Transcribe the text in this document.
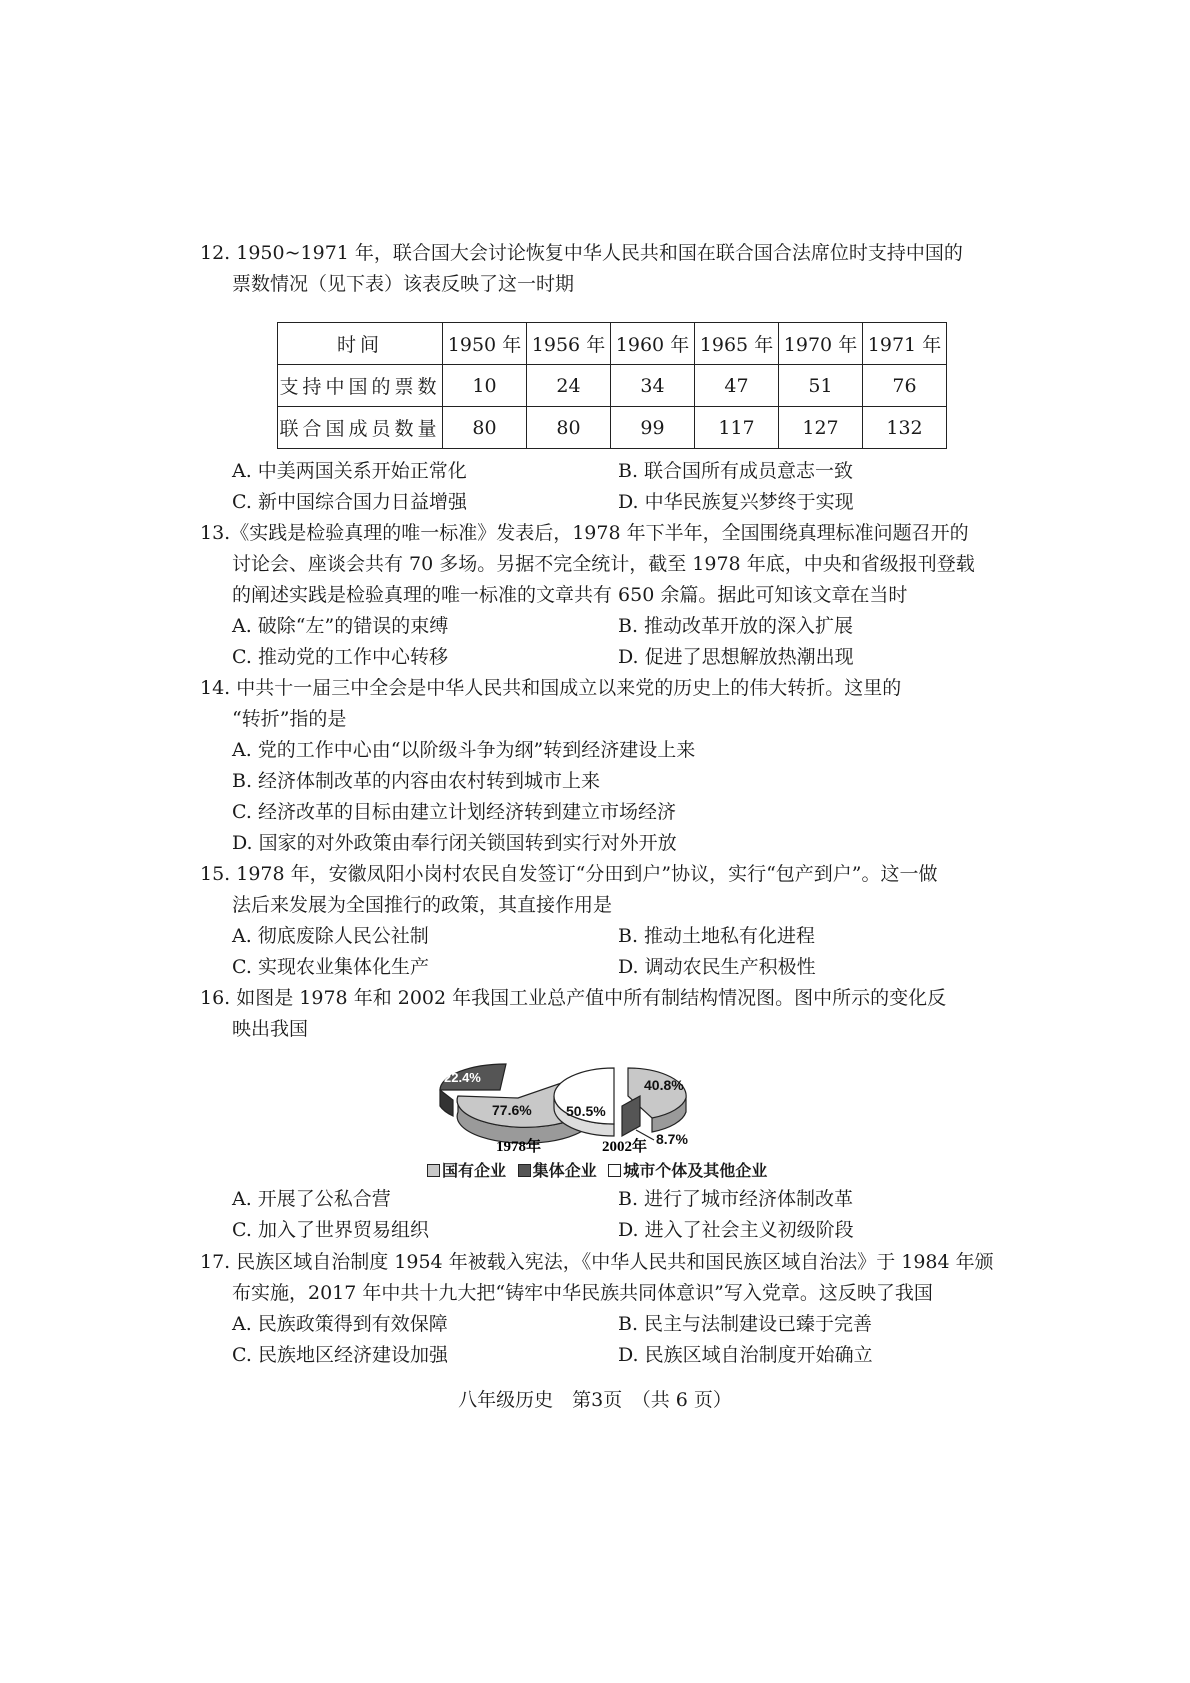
12. 1950~1971 年，联合国大会讨论恢复中华人民共和国在联合国合法席位时支持中国的
票数情况（见下表）该表反映了这一时期
时间	1950 年	1956 年	1960 年	1965 年	1970 年	1971 年
支持中国的票数	10	24	34	47	51	76
联合国成员数量	80	80	99	117	127	132
A. 中美两国关系开始正常化	B. 联合国所有成员意志一致
C. 新中国综合国力日益增强	D. 中华民族复兴梦终于实现
13.《实践是检验真理的唯一标准》发表后，1978 年下半年，全国围绕真理标准问题召开的
讨论会、座谈会共有 70 多场。另据不完全统计，截至 1978 年底，中央和省级报刊登载
的阐述实践是检验真理的唯一标准的文章共有 650 余篇。据此可知该文章在当时
A. 破除“左”的错误的束缚	B. 推动改革开放的深入扩展
C. 推动党的工作中心转移	D. 促进了思想解放热潮出现
14. 中共十一届三中全会是中华人民共和国成立以来党的历史上的伟大转折。这里的
“转折”指的是
A. 党的工作中心由“以阶级斗争为纲”转到经济建设上来
B. 经济体制改革的内容由农村转到城市上来
C. 经济改革的目标由建立计划经济转到建立市场经济
D. 国家的对外政策由奉行闭关锁国转到实行对外开放
15. 1978 年，安徽凤阳小岗村农民自发签订“分田到户”协议，实行“包产到户”。这一做
法后来发展为全国推行的政策，其直接作用是
A. 彻底废除人民公社制	B. 推动土地私有化进程
C. 实现农业集体化生产	D. 调动农民生产积极性
16. 如图是 1978 年和 2002 年我国工业总产值中所有制结构情况图。图中所示的变化反
映出我国
22.4%
77.6%
1978年
50.5%
40.8%
8.7%
2002年
国有企业 集体企业 城市个体及其他企业
A. 开展了公私合营	B. 进行了城市经济体制改革
C. 加入了世界贸易组织	D. 进入了社会主义初级阶段
17. 民族区域自治制度 1954 年被载入宪法，《中华人民共和国民族区域自治法》于 1984 年颁
布实施，2017 年中共十九大把“铸牢中华民族共同体意识”写入党章。这反映了我国
A. 民族政策得到有效保障	B. 民主与法制建设已臻于完善
C. 民族地区经济建设加强	D. 民族区域自治制度开始确立
八年级历史　第3页　（共 6 页）
